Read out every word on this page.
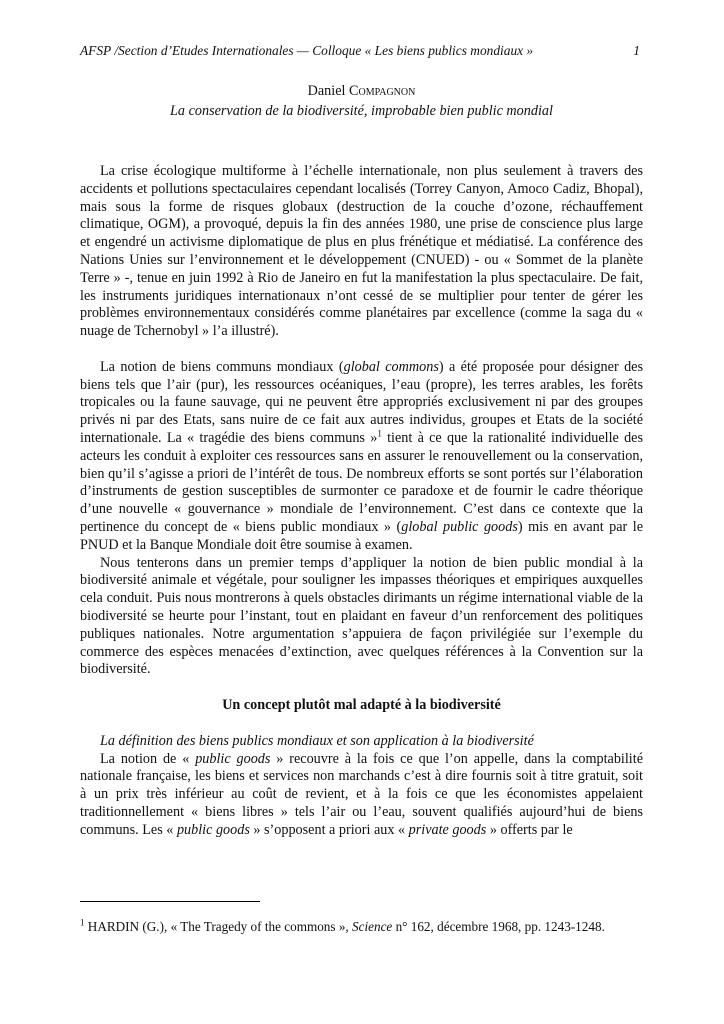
AFSP /Section d’Etudes Internationales — Colloque « Les biens publics mondiaux »	1
Daniel Compagnon
La conservation de la biodiversité, improbable bien public mondial

La crise écologique multiforme à l’échelle internationale, non plus seulement à travers des accidents et pollutions spectaculaires cependant localisés (Torrey Canyon, Amoco Cadiz, Bhopal), mais sous la forme de risques globaux (destruction de la couche d’ozone, réchauffement climatique, OGM), a provoqué, depuis la fin des années 1980, une prise de conscience plus large et engendré un activisme diplomatique de plus en plus frénétique et médiatisé. La conférence des Nations Unies sur l’environnement et le développement (CNUED) - ou « Sommet de la planète Terre » -, tenue en juin 1992 à Rio de Janeiro en fut la manifestation la plus spectaculaire. De fait, les instruments juridiques internationaux n’ont cessé de se multiplier pour tenter de gérer les problèmes environnementaux considérés comme planétaires par excellence (comme la saga du « nuage de Tchernobyl » l’a illustré).

La notion de biens communs mondiaux (global commons) a été proposée pour désigner des biens tels que l’air (pur), les ressources océaniques, l’eau (propre), les terres arables, les forêts tropicales ou la faune sauvage, qui ne peuvent être appropriés exclusivement ni par des groupes privés ni par des Etats, sans nuire de ce fait aux autres individus, groupes et Etats de la société internationale. La « tragédie des biens communs »$^1$ tient à ce que la rationalité individuelle des acteurs les conduit à exploiter ces ressources sans en assurer le renouvellement ou la conservation, bien qu’il s’agisse a priori de l’intérêt de tous. De nombreux efforts se sont portés sur l’élaboration d’instruments de gestion susceptibles de surmonter ce paradoxe et de fournir le cadre théorique d’une nouvelle « gouvernance » mondiale de l’environnement. C’est dans ce contexte que la pertinence du concept de « biens public mondiaux » (global public goods) mis en avant par le PNUD et la Banque Mondiale doit être soumise à examen.

Nous tenterons dans un premier temps d’appliquer la notion de bien public mondial à la biodiversité animale et végétale, pour souligner les impasses théoriques et empiriques auxquelles cela conduit. Puis nous montrerons à quels obstacles dirimants un régime international viable de la biodiversité se heurte pour l’instant, tout en plaidant en faveur d’un renforcement des politiques publiques nationales. Notre argumentation s’appuiera de façon privilégiée sur l’exemple du commerce des espèces menacées d’extinction, avec quelques références à la Convention sur la biodiversité.

Un concept plutôt mal adapté à la biodiversité

La définition des biens publics mondiaux et son application à la biodiversité

La notion de « public goods » recouvre à la fois ce que l’on appelle, dans la comptabilité nationale française, les biens et services non marchands c’est à dire fournis soit à titre gratuit, soit à un prix très inférieur au coût de revient, et à la fois ce que les économistes appelaient traditionnellement « biens libres » tels l’air ou l’eau, souvent qualifiés aujourd’hui de biens communs. Les « public goods » s’opposent a priori aux « private goods » offerts par le

$^1$ HARDIN (G.), « The Tragedy of the commons », Science n° 162, décembre 1968, pp. 1243-1248.
